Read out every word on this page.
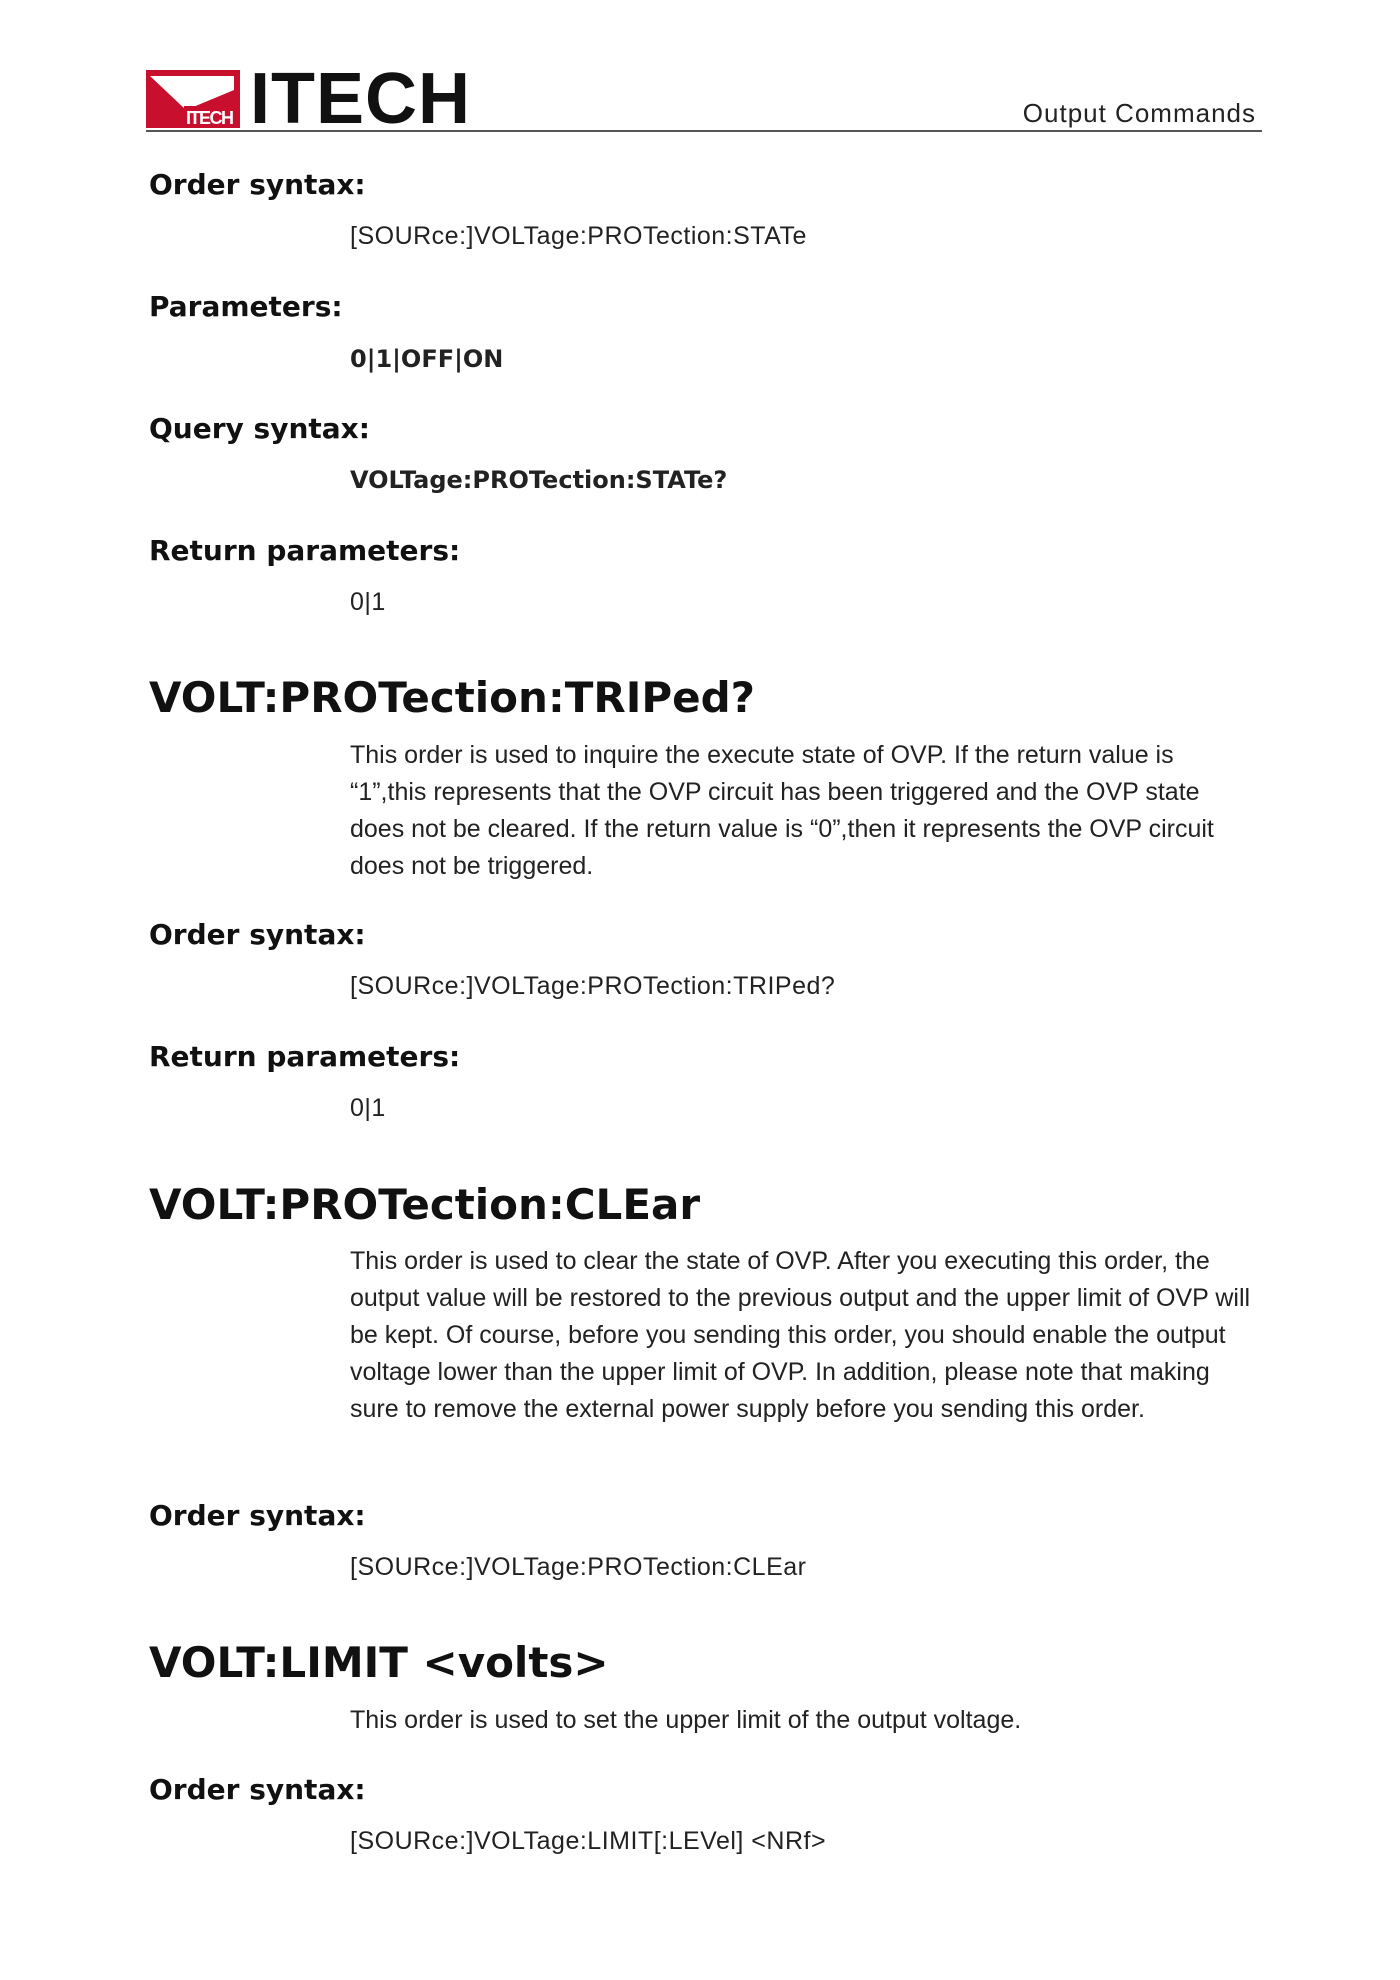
ITECH ITECH	Output Commands
Order syntax:
[SOURce:]VOLTage:PROTection:STATe
Parameters:
0|1|OFF|ON
Query syntax:
VOLTage:PROTection:STATe?
Return parameters:
0|1
VOLT:PROTection:TRIPed?
This order is used to inquire the execute state of OVP. If the return value is “1”,this represents that the OVP circuit has been triggered and the OVP state does not be cleared. If the return value is “0”,then it represents the OVP circuit does not be triggered.
Order syntax:
[SOURce:]VOLTage:PROTection:TRIPed?
Return parameters:
0|1
VOLT:PROTection:CLEar
This order is used to clear the state of OVP. After you executing this order, the output value will be restored to the previous output and the upper limit of OVP will be kept. Of course, before you sending this order, you should enable the output voltage lower than the upper limit of OVP. In addition, please note that making sure to remove the external power supply before you sending this order.
Order syntax:
[SOURce:]VOLTage:PROTection:CLEar
VOLT:LIMIT <volts>
This order is used to set the upper limit of the output voltage.
Order syntax:
[SOURce:]VOLTage:LIMIT[:LEVel] <NRf>
